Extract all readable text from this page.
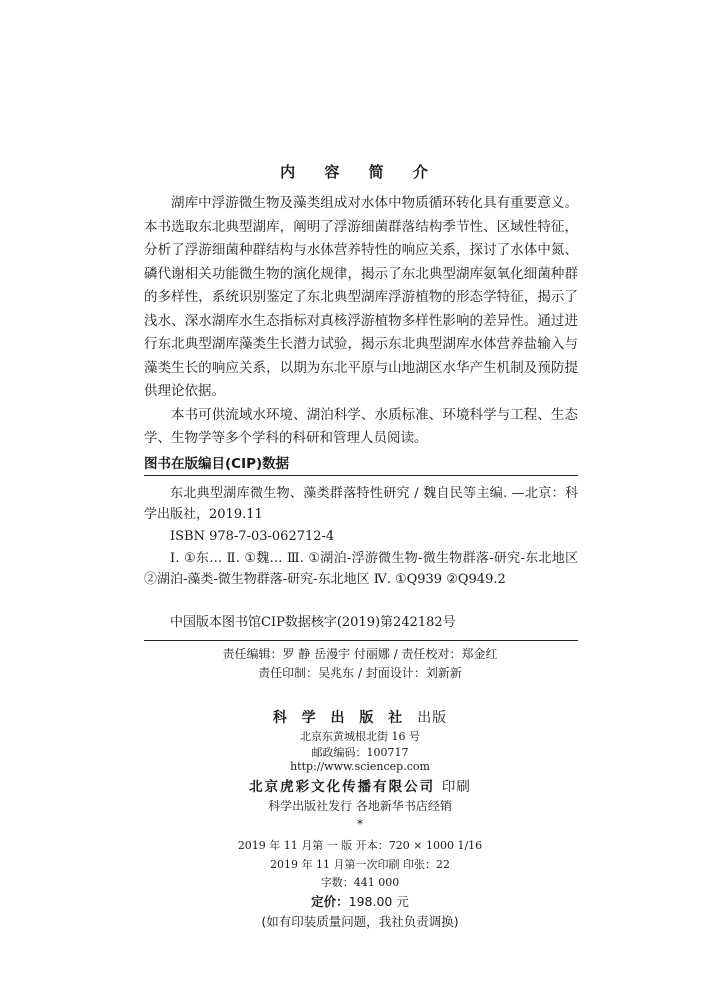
内 容 简 介

湖库中浮游微生物及藻类组成对水体中物质循环转化具有重要意义。本书选取东北典型湖库，阐明了浮游细菌群落结构季节性、区域性特征，分析了浮游细菌种群结构与水体营养特性的响应关系，探讨了水体中氮、磷代谢相关功能微生物的演化规律，揭示了东北典型湖库氨氧化细菌种群的多样性，系统识别鉴定了东北典型湖库浮游植物的形态学特征，揭示了浅水、深水湖库水生态指标对真核浮游植物多样性影响的差异性。通过进行东北典型湖库藻类生长潜力试验，揭示东北典型湖库水体营养盐输入与藻类生长的响应关系，以期为东北平原与山地湖区水华产生机制及预防提供理论依据。

本书可供流域水环境、湖泊科学、水质标准、环境科学与工程、生态学、生物学等多个学科的科研和管理人员阅读。

图书在版编目(CIP)数据

东北典型湖库微生物、藻类群落特性研究 / 魏自民等主编. —北京：科学出版社，2019.11

ISBN 978-7-03-062712-4

Ⅰ. ①东… Ⅱ. ①魏… Ⅲ. ①湖泊-浮游微生物-微生物群落-研究-东北地区 ②湖泊-藻类-微生物群落-研究-东北地区 Ⅳ. ①Q939 ②Q949.2

中国版本图书馆CIP数据核字(2019)第242182号
责任编辑：罗 静 岳漫宇 付丽娜 / 责任校对：郑金红
责任印制：吴兆东 / 封面设计：刘新新
科 学 出 版 社 出版
北京东黄城根北街 16 号
邮政编码：100717
http://www.sciencep.com
北京虎彩文化传播有限公司 印刷
科学出版社发行 各地新华书店经销
*
2019 年 11 月第 一 版 开本：720 × 1000 1/16
2019 年 11 月第一次印刷 印张：22
字数：441 000
定价：198.00 元
(如有印装质量问题，我社负责调换)
